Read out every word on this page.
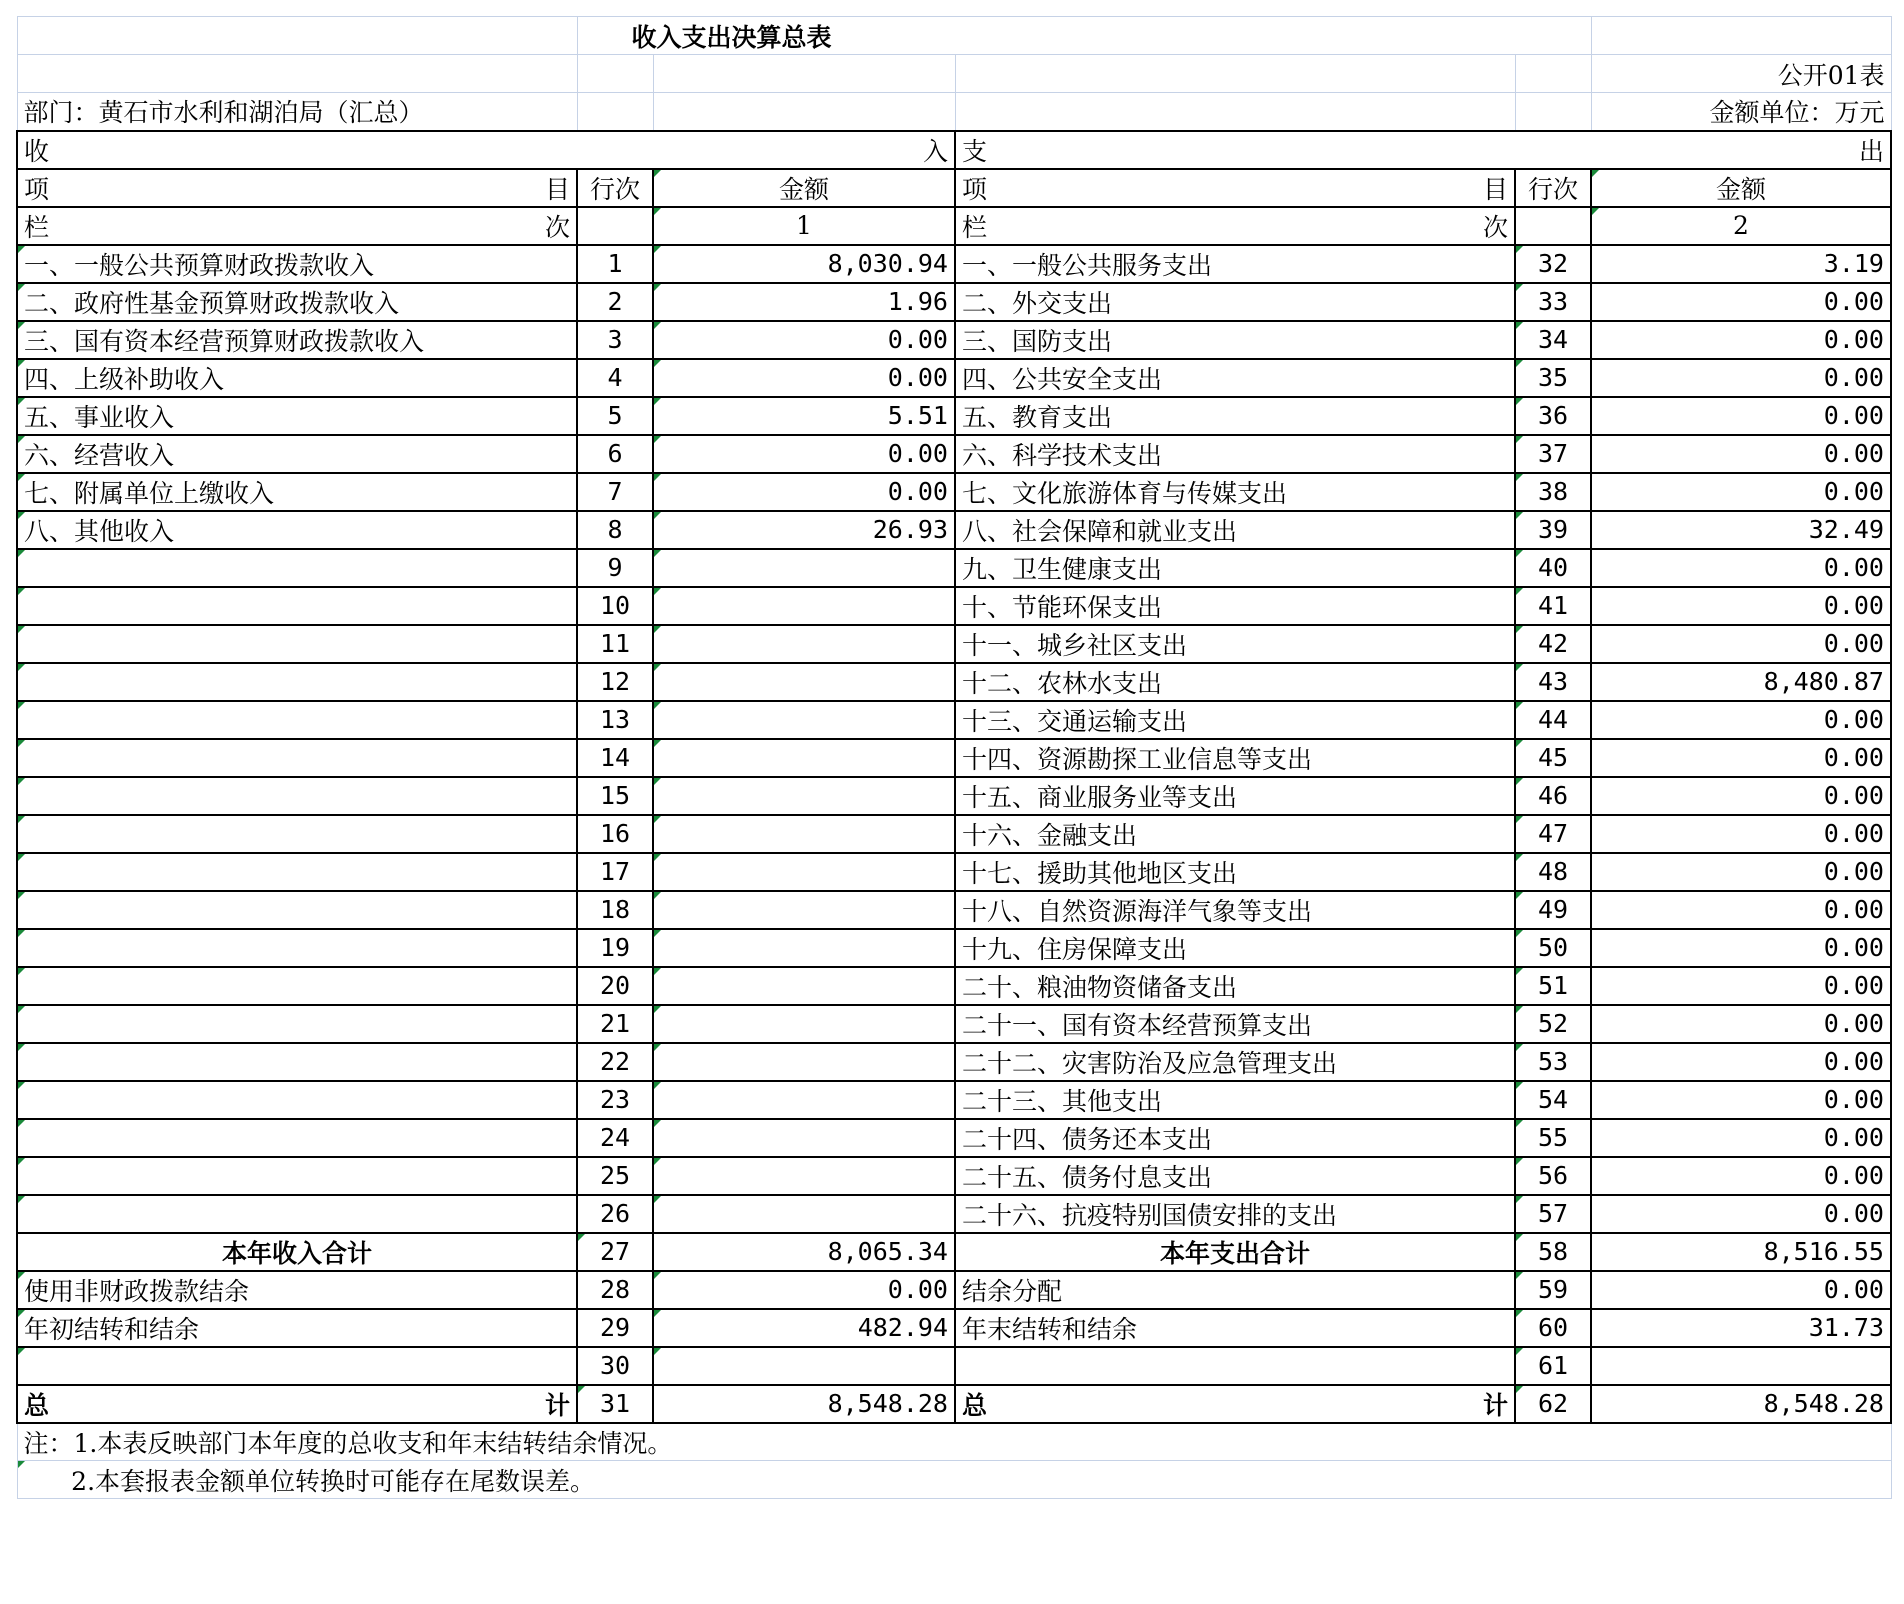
	收入支出决算总表				
					公开01表
部门：黄石市水利和湖泊局（汇总）					金额单位：万元

收 入			支 出		

项 目	行次	金额	项 目	行次	金额

栏 次		1	栏 次		2
一、一般公共预算财政拨款收入	1	8,030.94	一、一般公共服务支出	32	3.19
二、政府性基金预算财政拨款收入	2	1.96	二、外交支出	33	0.00
三、国有资本经营预算财政拨款收入	3	0.00	三、国防支出	34	0.00
四、上级补助收入	4	0.00	四、公共安全支出	35	0.00
五、事业收入	5	5.51	五、教育支出	36	0.00
六、经营收入	6	0.00	六、科学技术支出	37	0.00
七、附属单位上缴收入	7	0.00	七、文化旅游体育与传媒支出	38	0.00
八、其他收入	8	26.93	八、社会保障和就业支出	39	32.49
	9		九、卫生健康支出	40	0.00
	10		十、节能环保支出	41	0.00
	11		十一、城乡社区支出	42	0.00
	12		十二、农林水支出	43	8,480.87
	13		十三、交通运输支出	44	0.00
	14		十四、资源勘探工业信息等支出	45	0.00
	15		十五、商业服务业等支出	46	0.00
	16		十六、金融支出	47	0.00
	17		十七、援助其他地区支出	48	0.00
	18		十八、自然资源海洋气象等支出	49	0.00
	19		十九、住房保障支出	50	0.00
	20		二十、粮油物资储备支出	51	0.00
	21		二十一、国有资本经营预算支出	52	0.00
	22		二十二、灾害防治及应急管理支出	53	0.00
	23		二十三、其他支出	54	0.00
	24		二十四、债务还本支出	55	0.00
	25		二十五、债务付息支出	56	0.00
	26		二十六、抗疫特别国债安排的支出	57	0.00
本年收入合计	27	8,065.34	本年支出合计	58	8,516.55
使用非财政拨款结余	28	0.00	结余分配	59	0.00
年初结转和结余	29	482.94	年末结转和结余	60	31.73
	30			61	

总 计	31	8,548.28	总 计	62	8,548.28
注：1.本表反映部门本年度的总收支和年末结转结余情况。					
2.本套报表金额单位转换时可能存在尾数误差。					
